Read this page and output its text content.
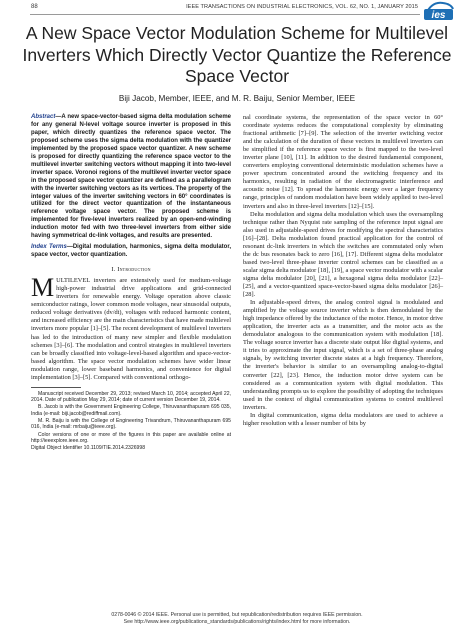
88	IEEE TRANSACTIONS ON INDUSTRIAL ELECTRONICS, VOL. 62, NO. 1, JANUARY 2015
ies
A New Space Vector Modulation Scheme for Multilevel Inverters Which Directly Vector Quantize the Reference Space Vector
Biji Jacob, Member, IEEE, and M. R. Baiju, Senior Member, IEEE
Abstract—A new space-vector-based sigma delta modulation scheme for any general N-level voltage source inverter is proposed in this paper, which directly quantizes the reference space vector. The proposed scheme uses the sigma delta modulation with the quantizer implemented by the proposed space vector quantizer. A new scheme is proposed for directly quantizing the reference space vector to the multilevel inverter switching vectors without mapping it into two-level inverter space. Voronoi regions of the multilevel inverter vector space in the proposed space vector quantizer are defined as a parallelogram with the inverter switching vectors as its vertices. The property of the integer values of the inverter switching vectors in 60° coordinates is utilized for the direct vector quantization of the instantaneous reference voltage space vector. The proposed scheme is implemented for five-level inverters realized by an open-end-winding induction motor fed with two three-level inverters from either side having symmetrical dc-link voltages, and results are presented.
Index Terms—Digital modulation, harmonics, sigma delta modulator, space vector, vector quantization.
I. Introduction

MULTILEVEL inverters are extensively used for medium-voltage high-power industrial drive applications and grid-connected inverters for renewable energy. Voltage operation above classic semiconductor ratings, lower common mode voltages, near sinusoidal outputs, reduced voltage derivatives (dv/dt), voltages with reduced harmonic content, and increased efficiency are the main characteristics that have made multilevel inverters more popular [1]–[5]. The recent development of multilevel inverters has led to the introduction of many new simpler and flexible modulation schemes [3]–[6]. The modulation and control strategies in multilevel inverters can be broadly classified into voltage-level-based algorithm and space-vector-based algorithm. The space vector modulation schemes have wider linear modulation range, lower baseband harmonics, and convenience for digital implementation [3]–[5]. Compared with conventional orthogo-

Manuscript received December 29, 2013; revised March 10, 2014; accepted April 22, 2014. Date of publication May 29, 2014; date of current version December 19, 2014.

B. Jacob is with the Government Engineering College, Thiruvananthapuram 695 035, India (e-mail: biji.jacob@rediffmail.com).

M. R. Baiju is with the College of Engineering Trivandrum, Thiruvananthapuram 695 016, India (e-mail: mrbaiju@ieee.org).

Color versions of one or more of the figures in this paper are available online at http://ieeexplore.ieee.org.

Digital Object Identifier 10.1109/TIE.2014.2326998

nal coordinate systems, the representation of the space vector in 60° coordinate systems reduces the computational complexity by eliminating fractional arithmetic [7]–[9]. The selection of the inverter switching vector and the calculation of the duration of these vectors in multilevel inverters can be simplified if the reference space vector is first mapped to the two-level inverter plane [10], [11]. In addition to the desired fundamental component, converters employing conventional deterministic modulation schemes have a power spectrum concentrated around the switching frequency and its harmonics, resulting in radiation of the electromagnetic interference and acoustic noise [12]. To spread the harmonic energy over a larger frequency range, principles of random modulation have been widely applied to two-level inverters and also in three-level inverters [12]–[15].

Delta modulation and sigma delta modulation which uses the oversampling technique rather than Nyquist rate sampling of the reference input signal are also used in adjustable-speed drives for modifying the spectral characteristics [16]–[28]. Delta modulation found practical application for the control of resonant dc-link inverters in which the switches are commutated only when the dc bus resonates back to zero [16], [17]. Different sigma delta modulator based two-level three-phase inverter control schemes can be classified as a scalar sigma delta modulator [18], [19], a space vector modulator with a scalar sigma delta modulator [20], [21], a hexagonal sigma delta modulator [22]–[25], and a vector-quantized space-vector-based sigma delta modulator [26]–[28].

In adjustable-speed drives, the analog control signal is modulated and amplified by the voltage source inverter which is then demodulated by the high impedance offered by the inductance of the motor. Hence, in motor drive application, the inverter acts as a transmitter, and the motor acts as the demodulator analogous to the communication system with modulation [18]. The voltage source inverter has a discrete state output like digital systems, and it tries to approximate the input signal, which is a set of three-phase analog signals, by switching inverter discrete states at a high frequency. Therefore, the inverter's behavior is similar to an oversampling analog-to-digital converter [22], [23]. Hence, the induction motor drive system can be considered as a communication system with digital modulation. This understanding prompts us to explore the possibility of adopting the techniques used in the context of digital communication systems to control multilevel inverters.

In digital communication, sigma delta modulators are used to achieve a higher resolution with a lesser number of bits by

0278-0046 © 2014 IEEE. Personal use is permitted, but republication/redistribution requires IEEE permission.
See http://www.ieee.org/publications_standards/publications/rights/index.html for more information.
